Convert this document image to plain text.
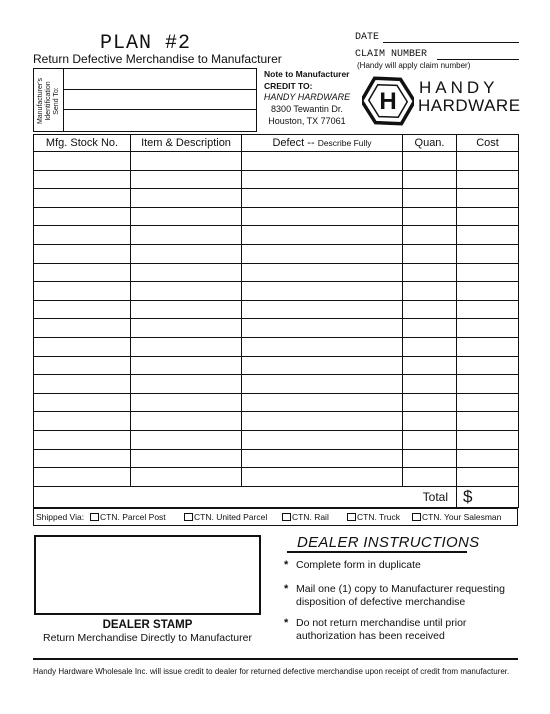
PLAN #2
Return Defective Merchandise to Manufacturer
DATE
CLAIM NUMBER
(Handy will apply claim number)
Manufacturer's Identification Send To:
Note to Manufacturer
CREDIT TO:
HANDY HARDWARE
8300 Tewantin Dr.
Houston, TX 77061
H
HANDY
HARDWARE
Mfg. Stock No.	Item & Description	Defect -- Describe Fully	Quan.	Cost

			Total	$
Shipped Via:	CTN. Parcel Post	CTN. United Parcel	CTN. Rail	CTN. Truck	CTN. Your Salesman
DEALER STAMP
Return Merchandise Directly to Manufacturer
DEALER INSTRUCTIONS
* Complete form in duplicate
* Mail one (1) copy to Manufacturer requesting
disposition of defective merchandise
* Do not return merchandise until prior
authorization has been received
Handy Hardware Wholesale Inc. will issue credit to dealer for returned defective merchandise upon receipt of credit from manufacturer.
